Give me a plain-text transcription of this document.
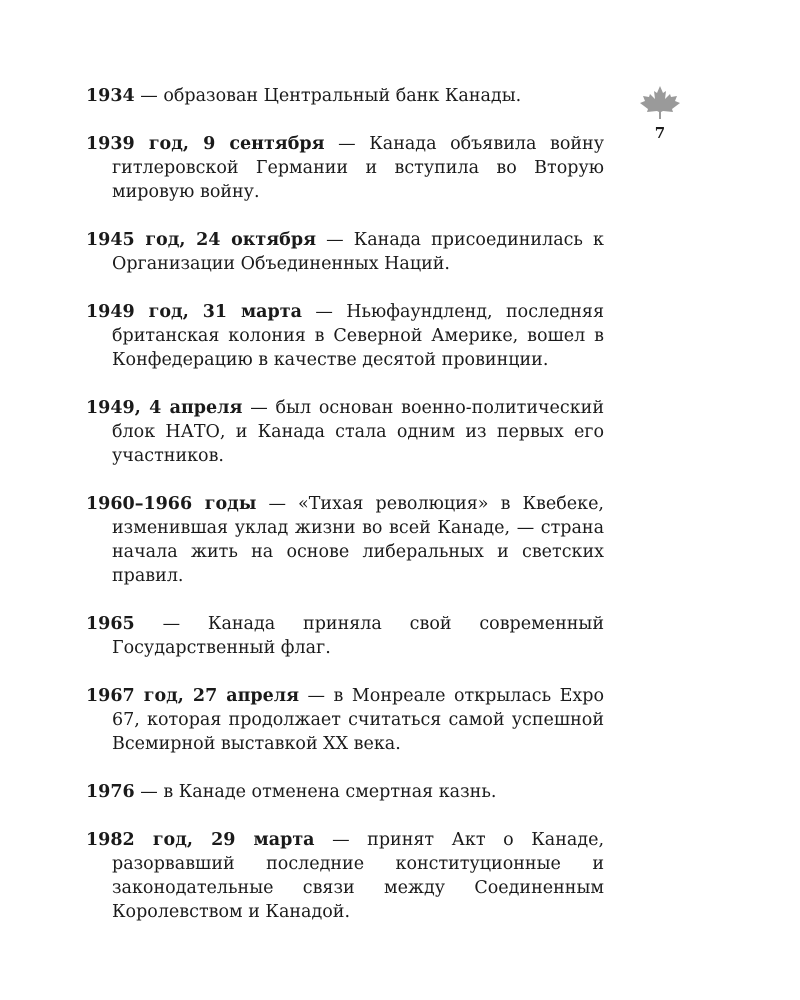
7

1934 — образован Центральный банк Канады.

1939 год, 9 сентября — Канада объявила войну гитлеровской Германии и вступила во Вторую мировую войну.

1945 год, 24 октября — Канада присоединилась к Организации Объединенных Наций.

1949 год, 31 марта — Ньюфаундленд, последняя британская колония в Северной Америке, вошел в Конфедерацию в качестве десятой провинции.

1949, 4 апреля — был основан военно-политический блок НАТО, и Канада стала одним из первых его участников.

1960–1966 годы — «Тихая революция» в Квебеке, изменившая уклад жизни во всей Канаде, — страна начала жить на основе либеральных и светских правил.

1965 — Канада приняла свой современный Государственный флаг.

1967 год, 27 апреля — в Монреале открылась Expo 67, которая продолжает считаться самой успешной Всемирной выставкой XX века.

1976 — в Канаде отменена смертная казнь.

1982 год, 29 марта — принят Акт о Канаде, разорвавший последние конституционные и законодательные связи между Соединенным Королевством и Канадой.
